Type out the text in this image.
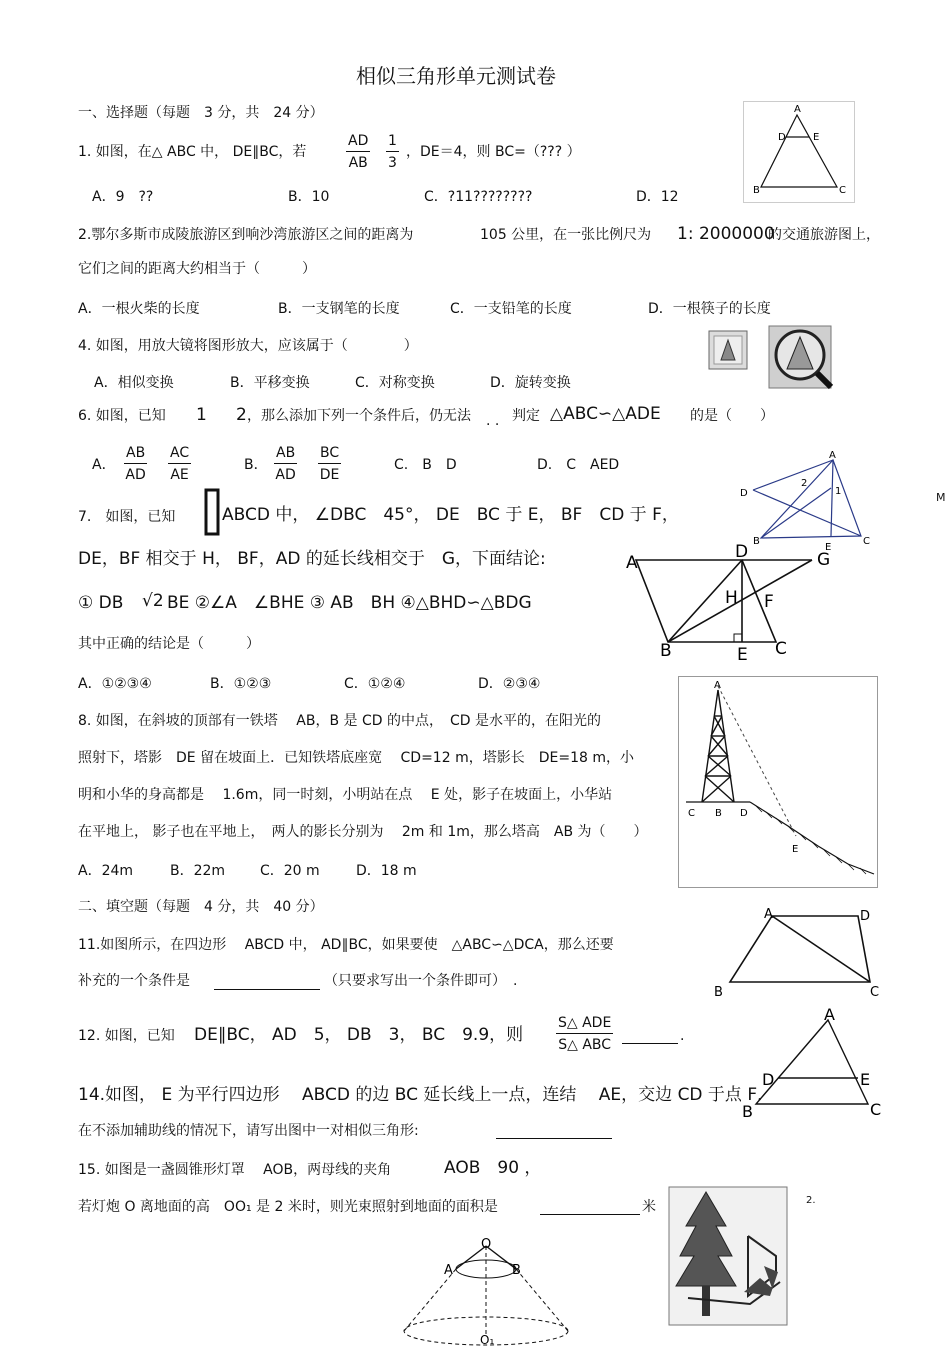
相似三角形单元测试卷
一、选择题（每题　3 分，共　24 分）
1. 如图，在△ ABC 中， DE∥BC，若	$\frac{AD}{AB} \frac{1}{3}$ ，DE＝4，则 BC=（??? ）
A．9　??	B．10	C．?11????????	D．12
A
D	E
B	C
2.鄂尔多斯市成陵旅游区到响沙湾旅游区之间的距离为	105 公里，在一张比例尺为 1: 2000000
的交通旅游图上，
它们之间的距离大约相当于（　　　）
A．一根火柴的长度	B．一支钢笔的长度	C．一支铅笔的长度	D．一根筷子的长度
4. 如图，用放大镜将图形放大，应该属于（　　　　）
A．相似变换	B．平移变换	C．对称变换	D．旋转变换
6. 如图，已知 1 2 ，那么添加下列一个条件后，仍无法 . . 判定 △ABC∽△ADE 的是（　　）
A． $\frac{AB}{AD} \frac{AC}{AE}$	B． $\frac{AB}{AD} \frac{BC}{DE}$	C.　B　D	D.　C　AED
A
D
2
1
B
E
C
M
7.　如图，已知	ABCD 中， ∠DBC　45°， DE　BC 于 E， BF　CD 于 F，
DE，BF 相交于 H， BF，AD 的延长线相交于　G，下面结论:
① DB √2 BE ②∠A　∠BHE ③ AB　BH ④△BHD∽△BDG
其中正确的结论是（　　　）
A．①②③④	B．①②③	C．①②④	D．②③④
A
D	G
H F
B	E C
8. 如图，在斜坡的顶部有一铁塔　 AB，B 是 CD 的中点，　CD 是水平的，在阳光的
照射下，塔影　DE 留在坡面上．已知铁塔底座宽　 CD=12 m，塔影长　DE=18 m，小
明和小华的身高都是　 1.6m，同一时刻，小明站在点　 E 处，影子在坡面上，小华站
在平地上， 影子也在平地上，　两人的影长分别为　 2m 和 1m，那么塔高　AB 为（　　）
A．24m	B．22m C．20 m	D．18 m
A
C B D
E
二、填空题（每题　4 分，共　40 分）
11.如图所示，在四边形　 ABCD 中， AD∥BC，如果要使　△ABC∽△DCA，那么还要
补充的一个条件是	（只要求写出一个条件即可）　.
A	D
B	C
12. 如图，已知 DE∥BC， AD　5， DB　3， BC　9.9，则
S△ ADE
S△ ABC
.
A
D	E
B	C
14.如图， E 为平行四边形　 ABCD 的边 BC 延长线上一点，连结　 AE，交边 CD 于点 F．
在不添加辅助线的情况下，请写出图中一对相似三角形:
15. 如图是一盏圆锥形灯罩　 AOB，两母线的夹角	AOB　90 ，
若灯炮 O 离地面的高　OO₁ 是 2 米时，则光束照射到地面的面积是	米	2.
O
A	B
O₁
